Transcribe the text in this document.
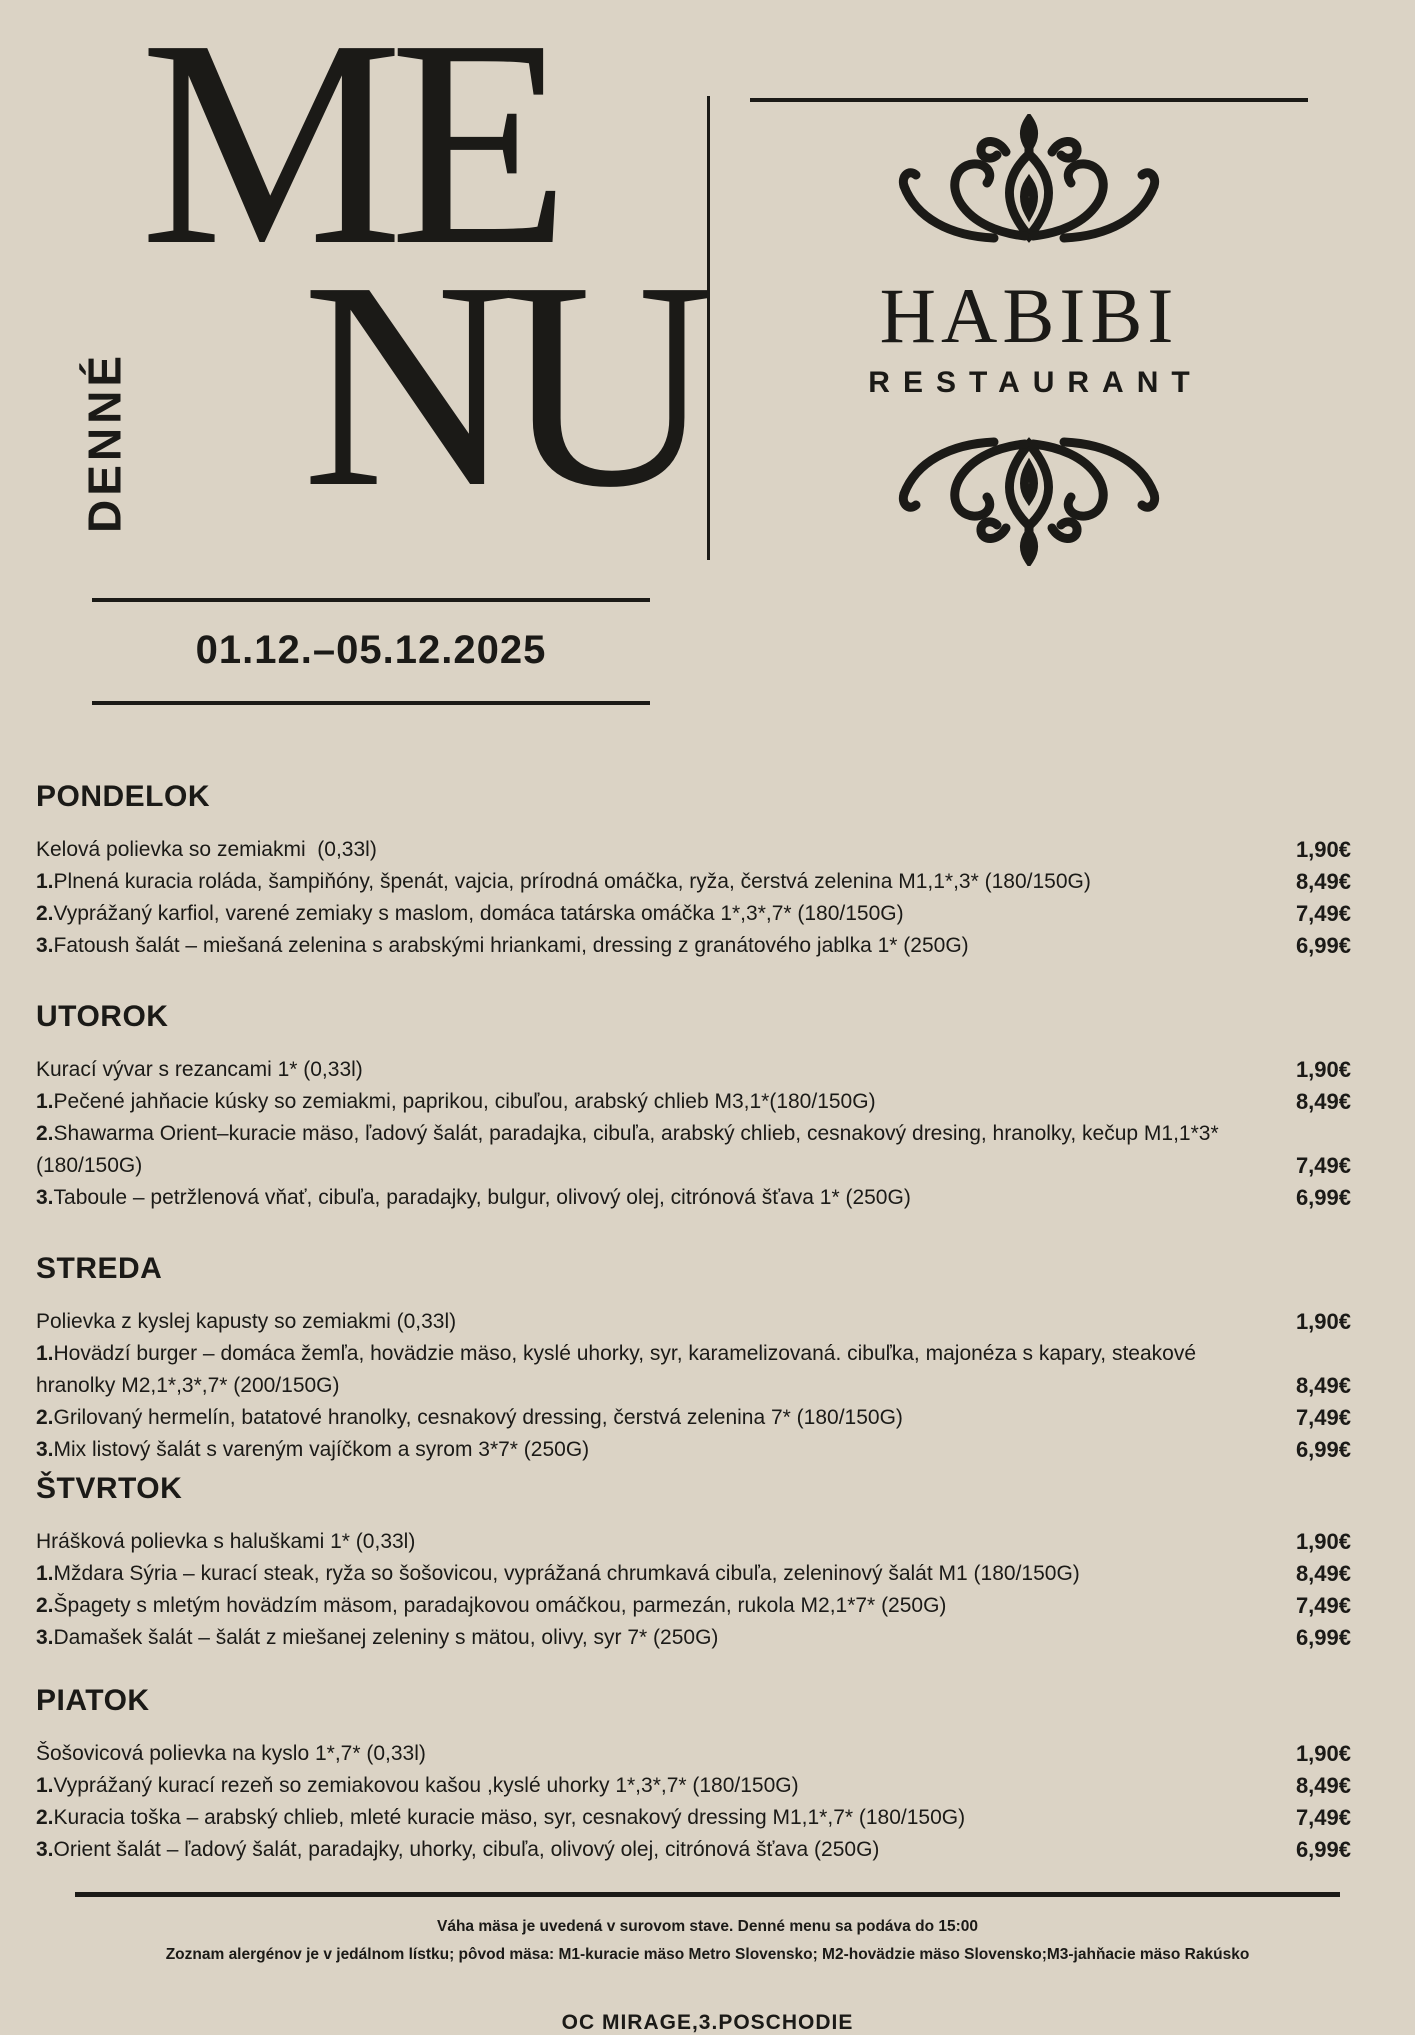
ME
NU
DENNÉ
01.12.–05.12.2025
HABIBI
RESTAURANT
PONDELOK
Kelová polievka so zemiakmi  (0,33l)	1,90€
1.Plnená kuracia roláda, šampiňóny, špenát, vajcia, prírodná omáčka, ryža, čerstvá zelenina M1,1*,3* (180/150G)	8,49€
2.Vyprážaný karfiol, varené zemiaky s maslom, domáca tatárska omáčka 1*,3*,7* (180/150G)	7,49€
3.Fatoush šalát – miešaná zelenina s arabskými hriankami, dressing z granátového jablka 1* (250G)	6,99€
UTOROK
Kurací vývar s rezancami 1* (0,33l)	1,90€
1.Pečené jahňacie kúsky so zemiakmi, paprikou, cibuľou, arabský chlieb M3,1*(180/150G)	8,49€
2.Shawarma Orient–kuracie mäso, ľadový šalát, paradajka, cibuľa, arabský chlieb, cesnakový dresing, hranolky, kečup M1,1*3* (180/150G)	7,49€
3.Taboule – petržlenová vňať, cibuľa, paradajky, bulgur, olivový olej, citrónová šťava 1* (250G)	6,99€
STREDA
Polievka z kyslej kapusty so zemiakmi (0,33l)	1,90€
1.Hovädzí burger – domáca žemľa, hovädzie mäso, kyslé uhorky, syr, karamelizovaná. cibuľka, majonéza s kapary, steakové hranolky M2,1*,3*,7* (200/150G)	8,49€
2.Grilovaný hermelín, batatové hranolky, cesnakový dressing, čerstvá zelenina 7* (180/150G)	7,49€
3.Mix listový šalát s vareným vajíčkom a syrom 3*7* (250G)	6,99€
ŠTVRTOK
Hrášková polievka s haluškami 1* (0,33l)	1,90€
1.Mždara Sýria – kurací steak, ryža so šošovicou, vyprážaná chrumkavá cibuľa, zeleninový šalát M1 (180/150G)	8,49€
2.Špagety s mletým hovädzím mäsom, paradajkovou omáčkou, parmezán, rukola M2,1*7* (250G)	7,49€
3.Damašek šalát – šalát z miešanej zeleniny s mätou, olivy, syr 7* (250G)	6,99€
PIATOK
Šošovicová polievka na kyslo 1*,7* (0,33l)	1,90€
1.Vyprážaný kurací rezeň so zemiakovou kašou ,kyslé uhorky 1*,3*,7* (180/150G)	8,49€
2.Kuracia toška – arabský chlieb, mleté kuracie mäso, syr, cesnakový dressing M1,1*,7* (180/150G)	7,49€
3.Orient šalát – ľadový šalát, paradajky, uhorky, cibuľa, olivový olej, citrónová šťava (250G)	6,99€
Váha mäsa je uvedená v surovom stave. Denné menu sa podáva do 15:00
Zoznam alergénov je v jedálnom lístku; pôvod mäsa: M1-kuracie mäso Metro Slovensko; M2-hovädzie mäso Slovensko;M3-jahňacie mäso Rakúsko
OC MIRAGE,3.POSCHODIE
